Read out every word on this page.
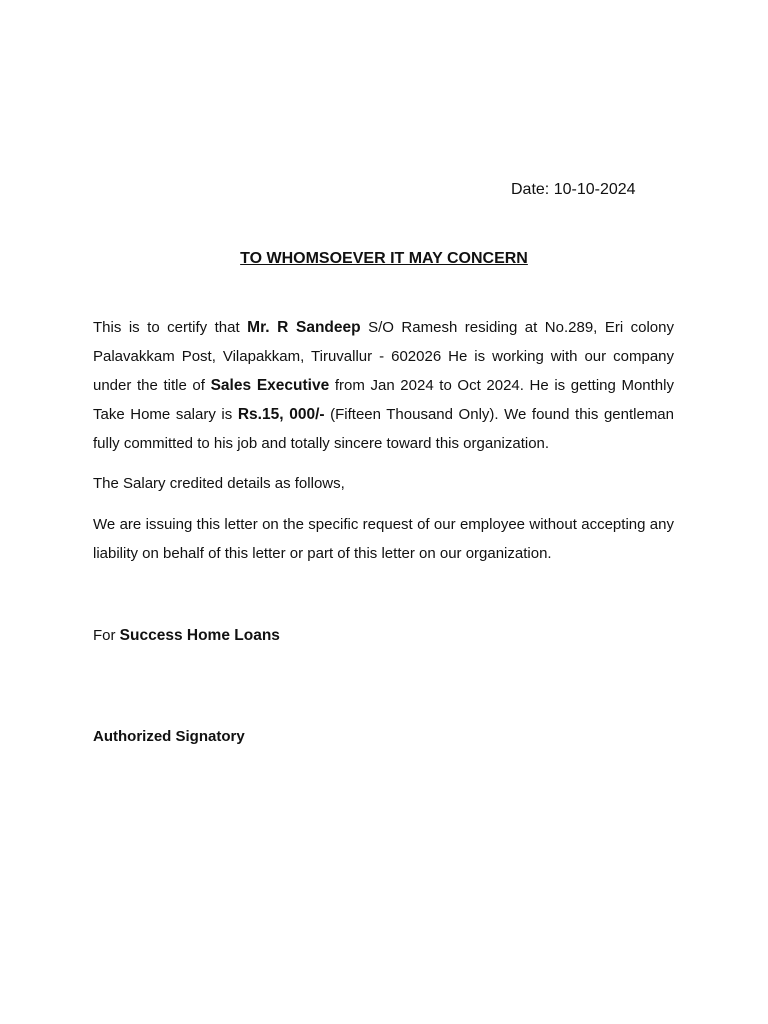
Date: 10-10-2024
TO WHOMSOEVER IT MAY CONCERN

This is to certify that Mr. R Sandeep S/O Ramesh residing at No.289, Eri colony Palavakkam Post, Vilapakkam, Tiruvallur - 602026 He is working with our company under the title of Sales Executive from Jan 2024 to Oct 2024. He is getting Monthly Take Home salary is Rs.15, 000/- (Fifteen Thousand Only). We found this gentleman fully committed to his job and totally sincere toward this organization.

The Salary credited details as follows,

We are issuing this letter on the specific request of our employee without accepting any liability on behalf of this letter or part of this letter on our organization.

For Success Home Loans
Authorized Signatory
